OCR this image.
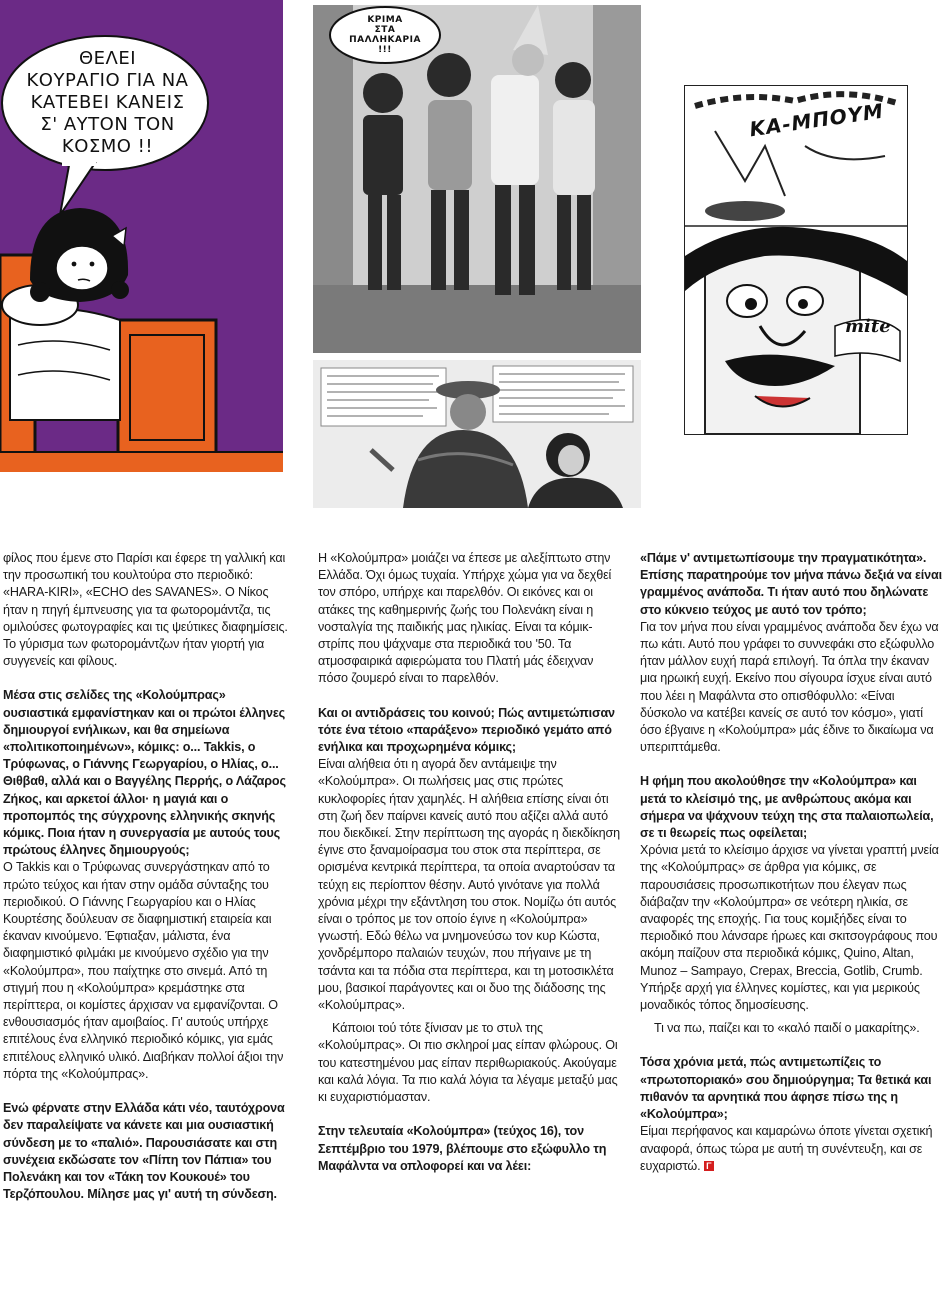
ΘΕΛΕΙ
ΚΟΥΡΑΓΙΟ ΓΙΑ ΝΑ
ΚΑΤΕΒΕΙ ΚΑΝΕΙΣ
Σ' ΑΥΤΟΝ ΤΟΝ
ΚΟΣΜΟ !!
ΚΡΙΜΑ
ΣΤΑ
ΠΑΛΛΗΚΑΡΙΑ
!!!
ΚΑ-ΜΠΟΥΜ
mite

φίλος που έμενε στο Παρίσι και έφερε τη γαλλική και την προσωπική του κουλτούρα στο περιοδικό: «HARA-KIRI», «ECHO des SAVANES». Ο Νίκος ήταν η πηγή έμπνευσης για τα φωτορομάντζα, τις ομιλούσες φωτογραφίες και τις ψεύτικες διαφημίσεις. Το γύρισμα των φωτορομάντζων ήταν γιορτή για συγγενείς και φίλους.

Μέσα στις σελίδες της «Κολούμπρας» ουσιαστικά εμφανίστηκαν και οι πρώτοι έλληνες δημιουργοί ενήλικων, και θα σημείωνα «πολιτικοποιημένων», κόμικς: ο... Takkis, ο Τρύφωνας, ο Γιάννης Γεωργαρίου, ο Ηλίας, ο... Θιθβαθ, αλλά και ο Βαγγέλης Περρής, ο Λάζαρος Ζήκος, και αρκετοί άλλοι· η μαγιά και ο προπομπός της σύγχρονης ελληνικής σκηνής κόμικς. Ποια ήταν η συνεργασία με αυτούς τους πρώτους έλληνες δημιουργούς;

Ο Takkis και ο Τρύφωνας συνεργάστηκαν από το πρώτο τεύχος και ήταν στην ομάδα σύνταξης του περιοδικού. Ο Γιάννης Γεωργαρίου και ο Ηλίας Κουρτέσης δούλευαν σε διαφημιστική εταιρεία και έκαναν κινούμενο. Έφτιαξαν, μάλιστα, ένα διαφημιστικό φιλμάκι με κινούμενο σχέδιο για την «Κολούμπρα», που παίχτηκε στο σινεμά. Από τη στιγμή που η «Κολούμπρα» κρεμάστηκε στα περίπτερα, οι κομίστες άρχισαν να εμφανίζονται. Ο ενθουσιασμός ήταν αμοιβαίος. Γι' αυτούς υπήρχε επιτέλους ένα ελληνικό περιοδικό κόμικς, για εμάς επιτέλους ελληνικό υλικό. Διαβήκαν πολλοί άξιοι την πόρτα της «Κολούμπρας».

Ενώ φέρνατε στην Ελλάδα κάτι νέο, ταυτόχρονα δεν παραλείψατε να κάνετε και μια ουσιαστική σύνδεση με το «παλιό». Παρουσιάσατε και στη συνέχεια εκδώσατε τον «Πίπη τον Πάπια» του Πολενάκη και τον «Τάκη τον Κουκουέ» του Τερζόπουλου. Μίλησε μας γι' αυτή τη σύνδεση.

Η «Κολούμπρα» μοιάζει να έπεσε με αλεξίπτωτο στην Ελλάδα. Όχι όμως τυχαία. Υπήρχε χώμα για να δεχθεί τον σπόρο, υπήρχε και παρελθόν. Οι εικόνες και οι ατάκες της καθημερινής ζωής του Πολενάκη είναι η νοσταλγία της παιδικής μας ηλικίας. Είναι τα κόμικ-στρίπς που ψάχναμε στα περιοδικά του '50. Τα ατμοσφαιρικά αφιερώματα του Πλατή μάς έδειχναν πόσο ζουμερό είναι το παρελθόν.

Και οι αντιδράσεις του κοινού; Πώς αντιμετώπισαν τότε ένα τέτοιο «παράξενο» περιοδικό γεμάτο από ενήλικα και προχωρημένα κόμικς;

Είναι αλήθεια ότι η αγορά δεν αντάμειψε την «Κολούμπρα». Οι πωλήσεις μας στις πρώτες κυκλοφορίες ήταν χαμηλές. Η αλήθεια επίσης είναι ότι στη ζωή δεν παίρνει κανείς αυτό που αξίζει αλλά αυτό που διεκδικεί. Στην περίπτωση της αγοράς η διεκδίκηση έγινε στο ξαναμοίρασμα του στοκ στα περίπτερα, σε ορισμένα κεντρικά περίπτερα, τα οποία αναρτούσαν τα τεύχη εις περίοπτον θέσην. Αυτό γινότανε για πολλά χρόνια μέχρι την εξάντληση του στοκ. Νομίζω ότι αυτός είναι ο τρόπος με τον οποίο έγινε η «Κολούμπρα» γνωστή. Εδώ θέλω να μνημονεύσω τον κυρ Κώστα, χονδρέμπορο παλαιών τευχών, που πήγαινε με τη τσάντα και τα πόδια στα περίπτερα, και τη μοτοσικλέτα μου, βασικοί παράγοντες και οι δυο της διάδοσης της «Κολούμπρας».

Κάποιοι τού τότε ξίνισαν με το στυλ της «Κολούμπρας». Οι πιο σκληροί μας είπαν φλώρους. Οι του κατεστημένου μας είπαν περιθωριακούς. Ακούγαμε και καλά λόγια. Τα πιο καλά λόγια τα λέγαμε μεταξύ μας κι ευχαριστιόμασταν.

Στην τελευταία «Κολούμπρα» (τεύχος 16), τον Σεπτέμβριο του 1979, βλέπουμε στο εξώφυλλο τη Μαφάλντα να οπλοφορεί και να λέει:

«Πάμε ν' αντιμετωπίσουμε την πραγματικότητα». Επίσης παρατηρούμε τον μήνα πάνω δεξιά να είναι γραμμένος ανάποδα. Τι ήταν αυτό που δηλώνατε στο κύκνειο τεύχος με αυτό τον τρόπο;

Για τον μήνα που είναι γραμμένος ανάποδα δεν έχω να πω κάτι. Αυτό που γράφει το συννεφάκι στο εξώφυλλο ήταν μάλλον ευχή παρά επιλογή. Τα όπλα την έκαναν μια ηρωική ευχή. Εκείνο που σίγουρα ίσχυε είναι αυτό που λέει η Μαφάλντα στο οπισθόφυλλο: «Είναι δύσκολο να κατέβει κανείς σε αυτό τον κόσμο», γιατί όσο έβγαινε η «Κολούμπρα» μάς έδινε το δικαίωμα να υπεριπτάμεθα.

Η φήμη που ακολούθησε την «Κολούμπρα» και μετά το κλείσιμό της, με ανθρώπους ακόμα και σήμερα να ψάχνουν τεύχη της στα παλαιοπωλεία, σε τι θεωρείς πως οφείλεται;

Χρόνια μετά το κλείσιμο άρχισε να γίνεται γραπτή μνεία της «Κολούμπρας» σε άρθρα για κόμικς, σε παρουσιάσεις προσωπικοτήτων που έλεγαν πως διάβαζαν την «Κολούμπρα» σε νεότερη ηλικία, σε αναφορές της εποχής. Για τους κομιξήδες είναι το περιοδικό που λάνσαρε ήρωες και σκιτσογράφους που ακόμη παίζουν στα περιοδικά κόμικς, Quino, Altan, Munoz – Sampayo, Crepax, Breccia, Gotlib, Crumb. Υπήρξε αρχή για έλληνες κομίστες, και για μερικούς μοναδικός τόπος δημοσίευσης.

Τι να πω, παίζει και το «καλό παιδί ο μακαρίτης».

Τόσα χρόνια μετά, πώς αντιμετωπίζεις το «πρωτοποριακό» σου δημιούργημα; Τα θετικά και πιθανόν τα αρνητικά που άφησε πίσω της η «Κολούμπρα»;

Είμαι περήφανος και καμαρώνω όποτε γίνεται σχετική αναφορά, όπως τώρα με αυτή τη συνέντευξη, και σε ευχαριστώ. Γ
